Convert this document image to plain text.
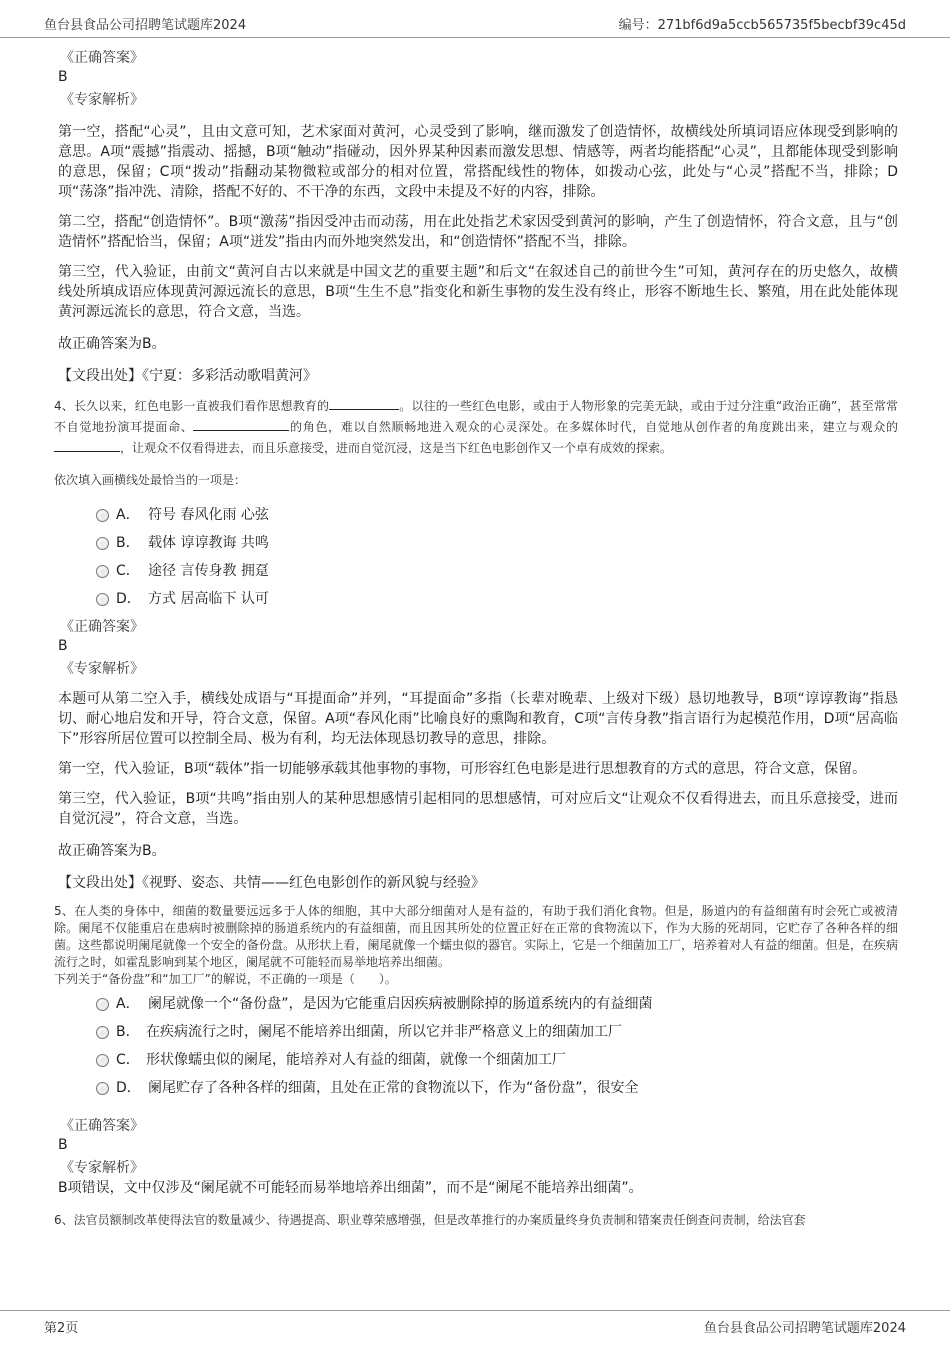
鱼台县食品公司招聘笔试题库2024	编号：271bf6d9a5ccb565735f5becbf39c45d
《正确答案》
B
《专家解析》

第一空，搭配“心灵”，且由文意可知，艺术家面对黄河，心灵受到了影响，继而激发了创造情怀，故横线处所填词语应体现受到影响的意思。A项“震撼”指震动、摇撼，B项“触动”指碰动，因外界某种因素而激发思想、情感等，两者均能搭配“心灵”，且都能体现受到影响的意思，保留；C项“拨动”指翻动某物微粒或部分的相对位置，常搭配线性的物体，如拨动心弦，此处与“心灵”搭配不当，排除；D项“荡涤”指冲洗、清除，搭配不好的、不干净的东西，文段中未提及不好的内容，排除。

第二空，搭配“创造情怀”。B项“激荡”指因受冲击而动荡，用在此处指艺术家因受到黄河的影响，产生了创造情怀，符合文意，且与“创造情怀”搭配恰当，保留；A项“迸发”指由内而外地突然发出，和“创造情怀”搭配不当，排除。

第三空，代入验证，由前文“黄河自古以来就是中国文艺的重要主题”和后文“在叙述自己的前世今生”可知，黄河存在的历史悠久，故横线处所填成语应体现黄河源远流长的意思，B项“生生不息”指变化和新生事物的发生没有终止，形容不断地生长、繁殖，用在此处能体现黄河源远流长的意思，符合文意，当选。

故正确答案为B。

【文段出处】《宁夏：多彩活动歌唱黄河》

4、长久以来，红色电影一直被我们看作思想教育的	。以往的一些红色电影，或由于人物形象的完美无缺，或由于过分注重“政治正确”，甚至常常不自觉地扮演耳提面命、	的角色，难以自然顺畅地进入观众的心灵深处。在多媒体时代，自觉地从创作者的角度跳出来，建立与观众的，让观众不仅看得进去，而且乐意接受，进而自觉沉浸，这是当下红色电影创作又一个卓有成效的探索。

依次填入画横线处最恰当的一项是：

A． 符号 春风化雨 心弦
B． 载体 谆谆教诲 共鸣
C． 途径 言传身教 拥趸
D． 方式 居高临下 认可
《正确答案》
B
《专家解析》

本题可从第二空入手，横线处成语与“耳提面命”并列，“耳提面命”多指（长辈对晚辈、上级对下级）恳切地教导，B项“谆谆教诲”指恳切、耐心地启发和开导，符合文意，保留。A项“春风化雨”比喻良好的熏陶和教育，C项“言传身教”指言语行为起模范作用，D项“居高临下”形容所居位置可以控制全局、极为有利，均无法体现恳切教导的意思，排除。

第一空，代入验证，B项“载体”指一切能够承载其他事物的事物，可形容红色电影是进行思想教育的方式的意思，符合文意，保留。

第三空，代入验证，B项“共鸣”指由别人的某种思想感情引起相同的思想感情，可对应后文“让观众不仅看得进去，而且乐意接受，进而自觉沉浸”，符合文意，当选。

故正确答案为B。

【文段出处】《视野、姿态、共情——红色电影创作的新风貌与经验》

5、在人类的身体中，细菌的数量要远远多于人体的细胞，其中大部分细菌对人是有益的，有助于我们消化食物。但是，肠道内的有益细菌有时会死亡或被清除。阑尾不仅能重启在患病时被删除掉的肠道系统内的有益细菌，而且因其所处的位置正好在正常的食物流以下，作为大肠的死胡同，它贮存了各种各样的细菌。这些都说明阑尾就像一个安全的备份盘。从形状上看，阑尾就像一个蠕虫似的器官。实际上，它是一个细菌加工厂，培养着对人有益的细菌。但是，在疾病流行之时，如霍乱影响到某个地区，阑尾就不可能轻而易举地培养出细菌。

下列关于“备份盘”和“加工厂”的解说，不正确的一项是（　　）。

A． 阑尾就像一个“备份盘”，是因为它能重启因疾病被删除掉的肠道系统内的有益细菌
B． 在疾病流行之时，阑尾不能培养出细菌，所以它并非严格意义上的细菌加工厂
C． 形状像蠕虫似的阑尾，能培养对人有益的细菌，就像一个细菌加工厂
D． 阑尾贮存了各种各样的细菌，且处在正常的食物流以下，作为“备份盘”，很安全
《正确答案》
B
《专家解析》

B项错误，文中仅涉及“阑尾就不可能轻而易举地培养出细菌”，而不是“阑尾不能培养出细菌”。

6、法官员额制改革使得法官的数量减少、待遇提高、职业尊荣感增强，但是改革推行的办案质量终身负责制和错案责任倒查问责制，给法官套

第2页	鱼台县食品公司招聘笔试题库2024
